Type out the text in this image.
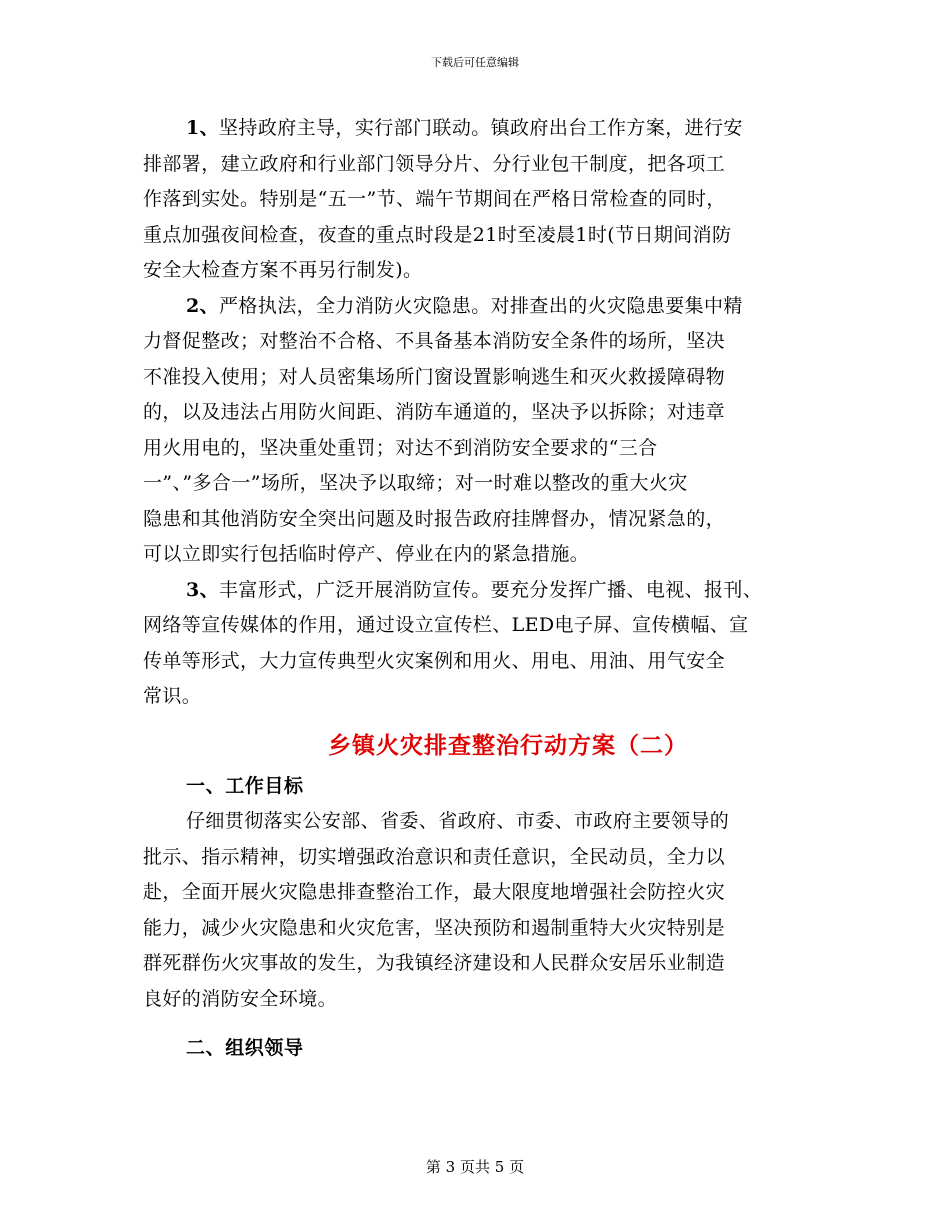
下载后可任意编辑
1、坚持政府主导，实行部门联动。镇政府出台工作方案，进行安
排部署，建立政府和行业部门领导分片、分行业包干制度，把各项工
作落到实处。特别是“五一”节、端午节期间在严格日常检查的同时，
重点加强夜间检查，夜查的重点时段是21时至凌晨1时(节日期间消防
安全大检查方案不再另行制发)。
2、严格执法，全力消防火灾隐患。对排查出的火灾隐患要集中精
力督促整改；对整治不合格、不具备基本消防安全条件的场所，坚决
不准投入使用；对人员密集场所门窗设置影响逃生和灭火救援障碍物
的，以及违法占用防火间距、消防车通道的，坚决予以拆除；对违章
用火用电的，坚决重处重罚；对达不到消防安全要求的“三合
一”、”多合一”场所，坚决予以取缔；对一时难以整改的重大火灾
隐患和其他消防安全突出问题及时报告政府挂牌督办，情况紧急的，
可以立即实行包括临时停产、停业在内的紧急措施。
3、丰富形式，广泛开展消防宣传。要充分发挥广播、电视、报刊、
网络等宣传媒体的作用，通过设立宣传栏、LED电子屏、宣传横幅、宣
传单等形式，大力宣传典型火灾案例和用火、用电、用油、用气安全
常识。
乡镇火灾排查整治行动方案（二）
一、工作目标
仔细贯彻落实公安部、省委、省政府、市委、市政府主要领导的
批示、指示精神，切实增强政治意识和责任意识，全民动员，全力以
赴，全面开展火灾隐患排查整治工作，最大限度地增强社会防控火灾
能力，减少火灾隐患和火灾危害，坚决预防和遏制重特大火灾特别是
群死群伤火灾事故的发生，为我镇经济建设和人民群众安居乐业制造
良好的消防安全环境。
二、组织领导
第 3 页共 5 页
